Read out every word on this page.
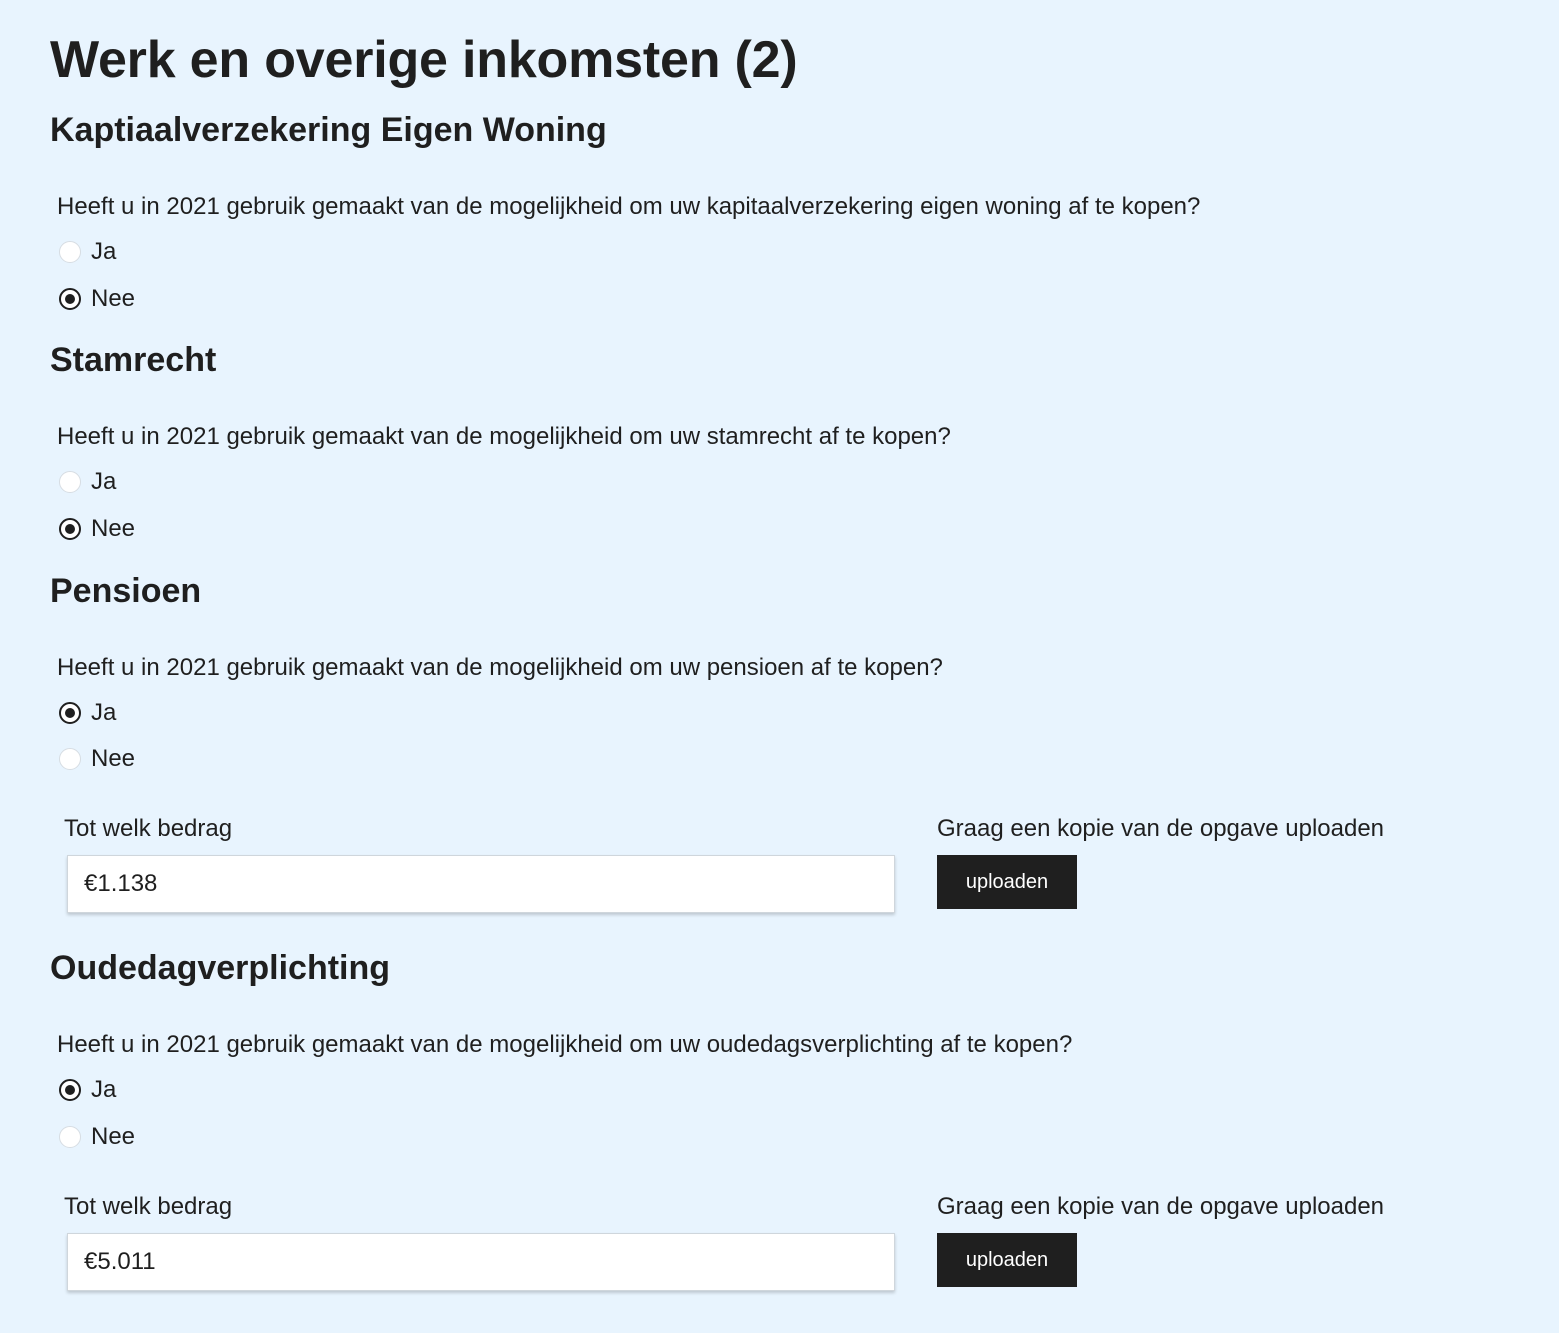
Werk en overige inkomsten (2)
Kaptiaalverzekering Eigen Woning

Heeft u in 2021 gebruik gemaakt van de mogelijkheid om uw kapitaalverzekering eigen woning af te kopen?

Ja
Nee
Stamrecht

Heeft u in 2021 gebruik gemaakt van de mogelijkheid om uw stamrecht af te kopen?

Ja
Nee
Pensioen

Heeft u in 2021 gebruik gemaakt van de mogelijkheid om uw pensioen af te kopen?

Ja
Nee
Tot welk bedrag
€1.138	Graag een kopie van de opgave uploaden
uploaden
Oudedagverplichting

Heeft u in 2021 gebruik gemaakt van de mogelijkheid om uw oudedagsverplichting af te kopen?

Ja
Nee
Tot welk bedrag
€5.011	Graag een kopie van de opgave uploaden
uploaden
